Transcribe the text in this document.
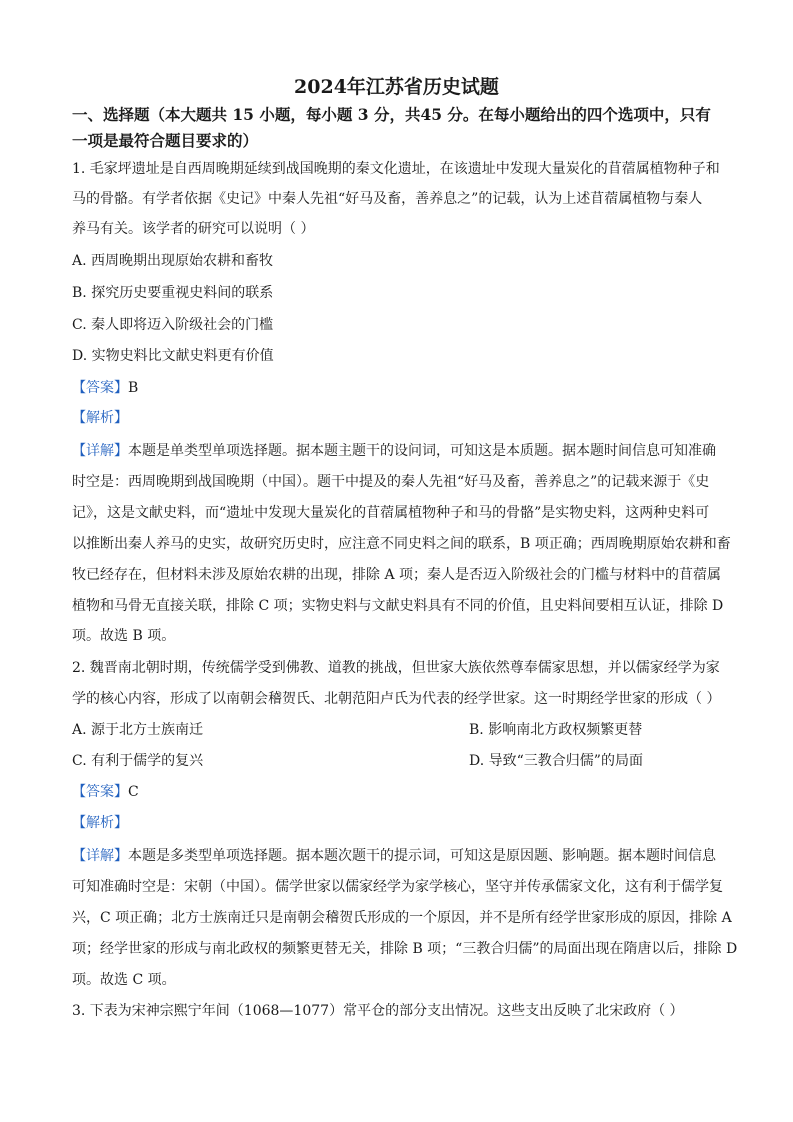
2024年江苏省历史试题
一、选择题（本大题共 15 小题，每小题 3 分，共45 分。在每小题给出的四个选项中，只有
一项是最符合题目要求的）
1. 毛家坪遗址是自西周晚期延续到战国晚期的秦文化遗址，在该遗址中发现大量炭化的苜蓿属植物种子和
马的骨骼。有学者依据《史记》中秦人先祖“好马及畜，善养息之”的记载，认为上述苜蓿属植物与秦人
养马有关。该学者的研究可以说明（ ）
A. 西周晚期出现原始农耕和畜牧
B. 探究历史要重视史料间的联系
C. 秦人即将迈入阶级社会的门槛
D. 实物史料比文献史料更有价值
【答案】B
【解析】
【详解】本题是单类型单项选择题。据本题主题干的设问词，可知这是本质题。据本题时间信息可知准确
时空是：西周晚期到战国晚期（中国）。题干中提及的秦人先祖“好马及畜，善养息之”的记载来源于《史
记》，这是文献史料，而“遗址中发现大量炭化的苜蓿属植物种子和马的骨骼”是实物史料，这两种史料可
以推断出秦人养马的史实，故研究历史时，应注意不同史料之间的联系，B 项正确；西周晚期原始农耕和畜
牧已经存在，但材料未涉及原始农耕的出现，排除 A 项；秦人是否迈入阶级社会的门槛与材料中的苜蓿属
植物和马骨无直接关联，排除 C 项；实物史料与文献史料具有不同的价值，且史料间要相互认证，排除 D
项。故选 B 项。
2. 魏晋南北朝时期，传统儒学受到佛教、道教的挑战，但世家大族依然尊奉儒家思想，并以儒家经学为家
学的核心内容，形成了以南朝会稽贺氏、北朝范阳卢氏为代表的经学世家。这一时期经学世家的形成（ ）
A. 源于北方士族南迁	B. 影响南北方政权频繁更替
C. 有利于儒学的复兴	D. 导致“三教合归儒”的局面
【答案】C
【解析】
【详解】本题是多类型单项选择题。据本题次题干的提示词，可知这是原因题、影响题。据本题时间信息
可知准确时空是：宋朝（中国）。儒学世家以儒家经学为家学核心，坚守并传承儒家文化，这有利于儒学复
兴，C 项正确；北方士族南迁只是南朝会稽贺氏形成的一个原因，并不是所有经学世家形成的原因，排除 A
项；经学世家的形成与南北政权的频繁更替无关，排除 B 项；“三教合归儒”的局面出现在隋唐以后，排除 D
项。故选 C 项。
3. 下表为宋神宗熙宁年间（1068—1077）常平仓的部分支出情况。这些支出反映了北宋政府（ ）
